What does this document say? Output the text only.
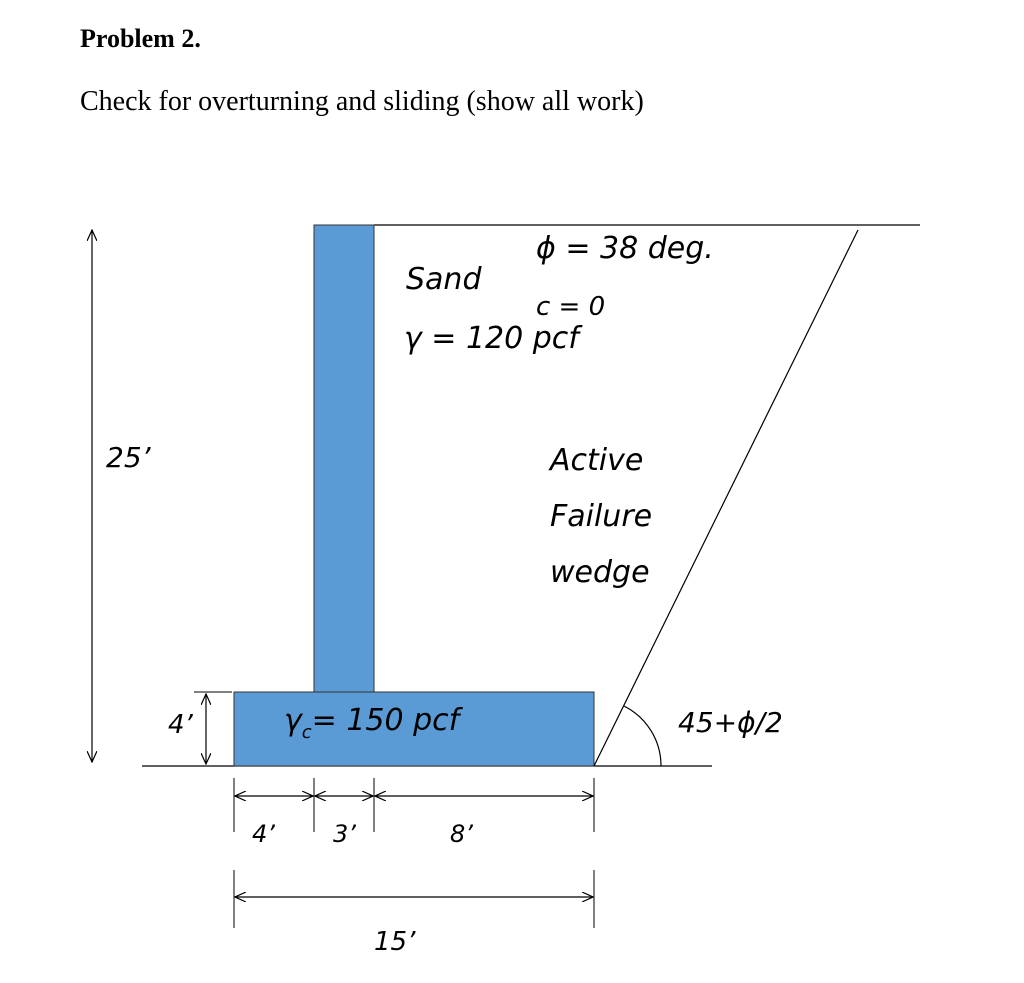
Problem 2.
Check for overturning and sliding (show all work)
25’
4’
4’ 3’	8’
15’
Sand
ϕ = 38 deg.
c = 0
γ = 120 pcf
Active
Failure
wedge
$\gamma_c= 150$ pcf	45+ϕ/2
